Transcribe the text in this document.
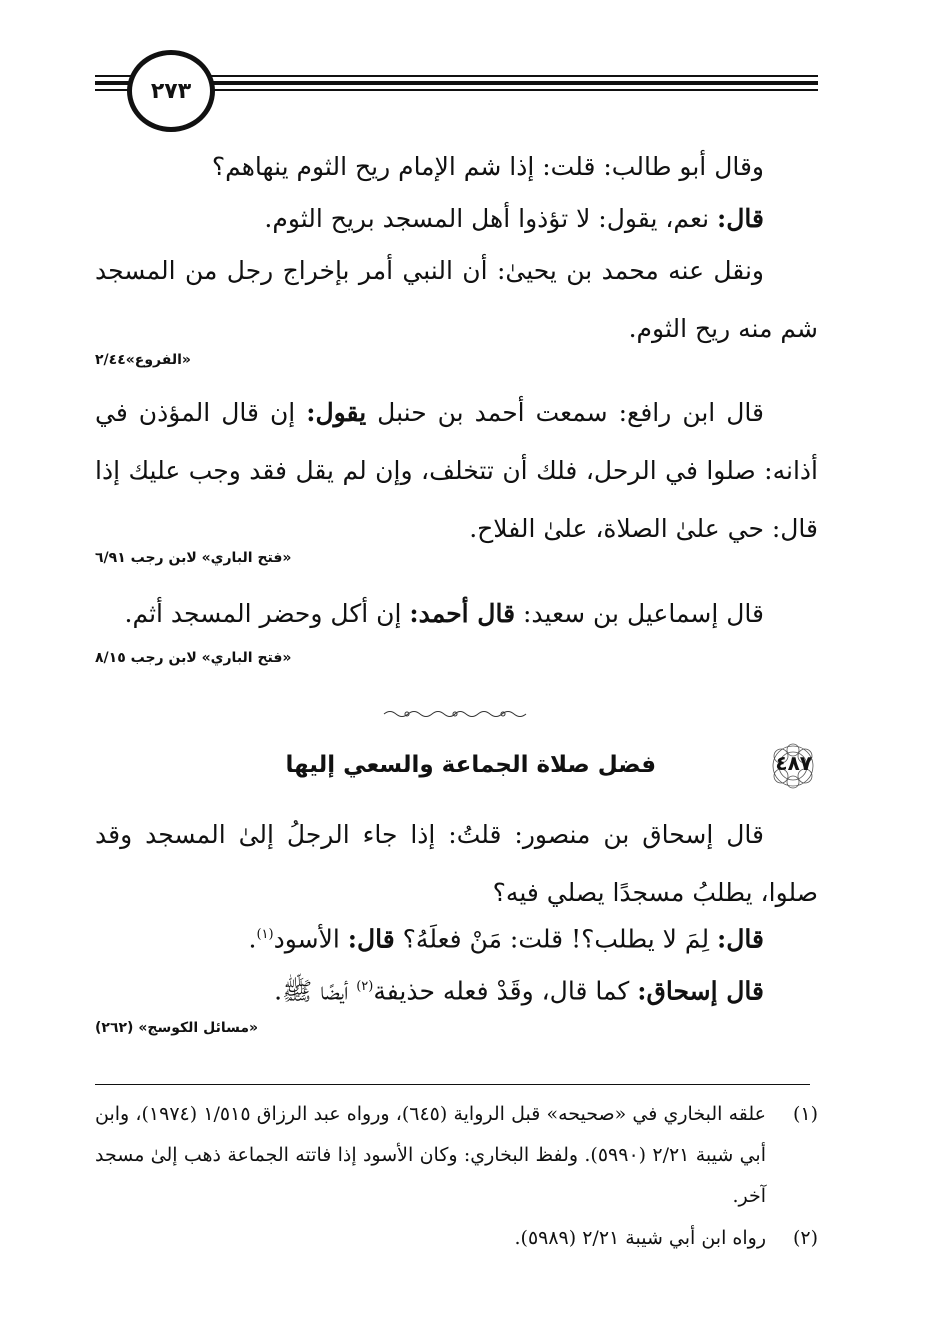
٢٧٣
وقال أبو طالب: قلت: إذا شم الإمام ريح الثوم ينهاهم؟
قال: نعم، يقول: لا تؤذوا أهل المسجد بريح الثوم.
ونقل عنه محمد بن يحيىٰ: أن النبي أمر بإخراج رجل من المسجد شم منه ريح الثوم.
«الفروع»٢/٤٤
قال ابن رافع: سمعت أحمد بن حنبل يقول: إن قال المؤذن في أذانه: صلوا في الرحل، فلك أن تتخلف، وإن لم يقل فقد وجب عليك إذا قال: حي علىٰ الصلاة، علىٰ الفلاح.
«فتح الباري» لابن رجب ٦/٩١
قال إسماعيل بن سعيد: قال أحمد: إن أكل وحضر المسجد أثم.
«فتح الباري» لابن رجب ٨/١٥
٤٨٧
فضل صلاة الجماعة والسعي إليها
قال إسحاق بن منصور: قلتُ: إذا جاء الرجلُ إلىٰ المسجد وقد صلوا، يطلبُ مسجدًا يصلي فيه؟
قال: لِمَ لا يطلب؟! قلت: مَنْ فعلَهُ؟ قال: الأسود$^{(١)}$.
قال إسحاق: كما قال، وقَدْ فعله حذيفة$^{(٢)}$ أيضًا ﷺ.
«مسائل الكوسج» (٢٦٢)
(١)
علقه البخاري في «صحيحه» قبل الرواية (٦٤٥)، ورواه عبد الرزاق ١/٥١٥ (١٩٧٤)، وابن أبي شيبة ٢/٢١ (٥٩٩٠). ولفظ البخاري: وكان الأسود إذا فاتته الجماعة ذهب إلىٰ مسجد آخر.
(٢)
رواه ابن أبي شيبة ٢/٢١ (٥٩٨٩).
